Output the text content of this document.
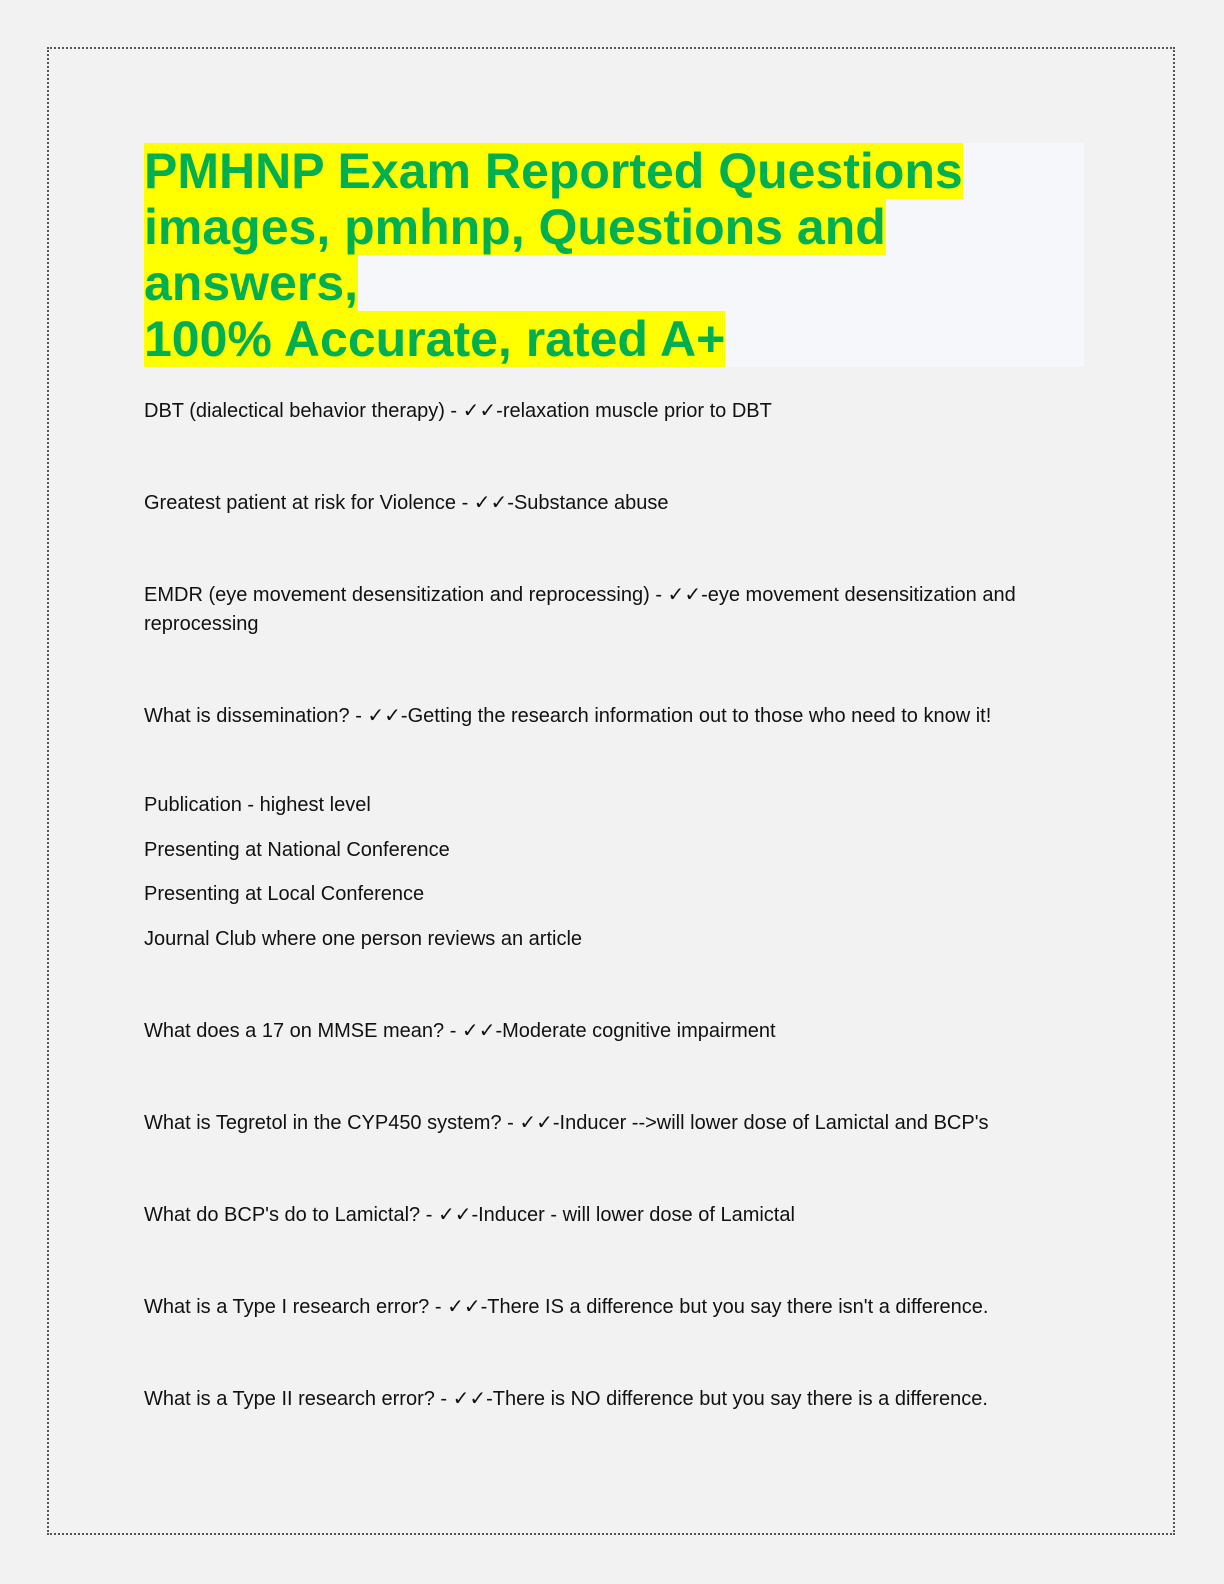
PMHNP Exam Reported Questions
images, pmhnp, Questions and answers,
100% Accurate, rated A+

DBT (dialectical behavior therapy) - ✓✓-relaxation muscle prior to DBT

Greatest patient at risk for Violence - ✓✓-Substance abuse

EMDR (eye movement desensitization and reprocessing) - ✓✓-eye movement desensitization and reprocessing

What is dissemination? - ✓✓-Getting the research information out to those who need to know it!

Publication - highest level

Presenting at National Conference

Presenting at Local Conference

Journal Club where one person reviews an article

What does a 17 on MMSE mean? - ✓✓-Moderate cognitive impairment

What is Tegretol in the CYP450 system? - ✓✓-Inducer -->will lower dose of Lamictal and BCP's

What do BCP's do to Lamictal? - ✓✓-Inducer - will lower dose of Lamictal

What is a Type I research error? - ✓✓-There IS a difference but you say there isn't a difference.

What is a Type II research error? - ✓✓-There is NO difference but you say there is a difference.
